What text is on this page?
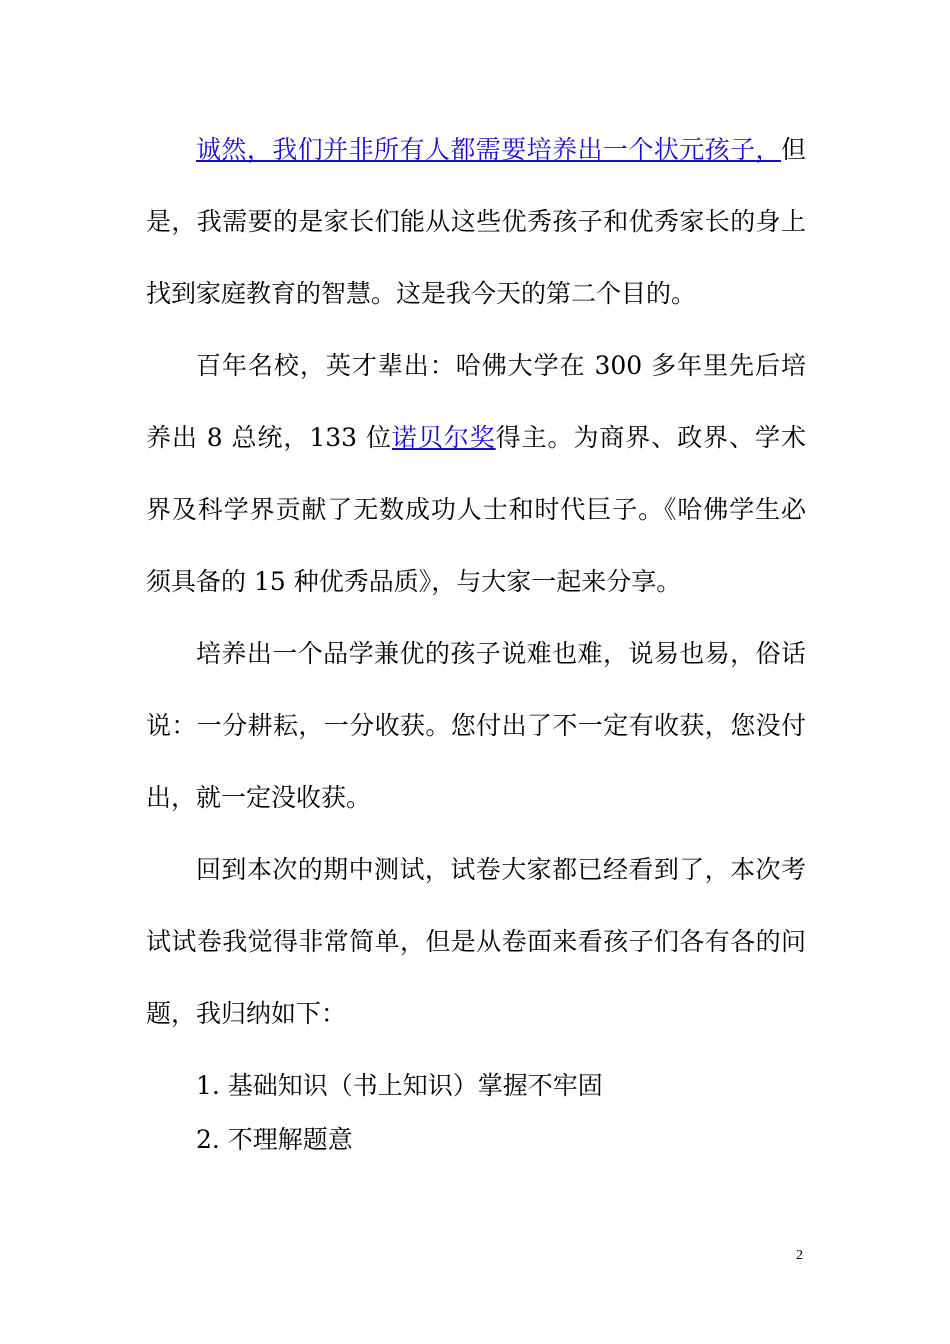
诚然，我们并非所有人都需要培养出一个状元孩子，但是，我需要的是家长们能从这些优秀孩子和优秀家长的身上找到家庭教育的智慧。这是我今天的第二个目的。

百年名校，英才辈出：哈佛大学在 300 多年里先后培养出 8 总统，133 位诺贝尔奖得主。为商界、政界、学术界及科学界贡献了无数成功人士和时代巨子。《哈佛学生必须具备的 15 种优秀品质》，与大家一起来分享。

培养出一个品学兼优的孩子说难也难，说易也易，俗话说：一分耕耘，一分收获。您付出了不一定有收获，您没付出，就一定没收获。

回到本次的期中测试，试卷大家都已经看到了，本次考试试卷我觉得非常简单，但是从卷面来看孩子们各有各的问题，我归纳如下：

1. 基础知识（书上知识）掌握不牢固

2. 不理解题意

2
